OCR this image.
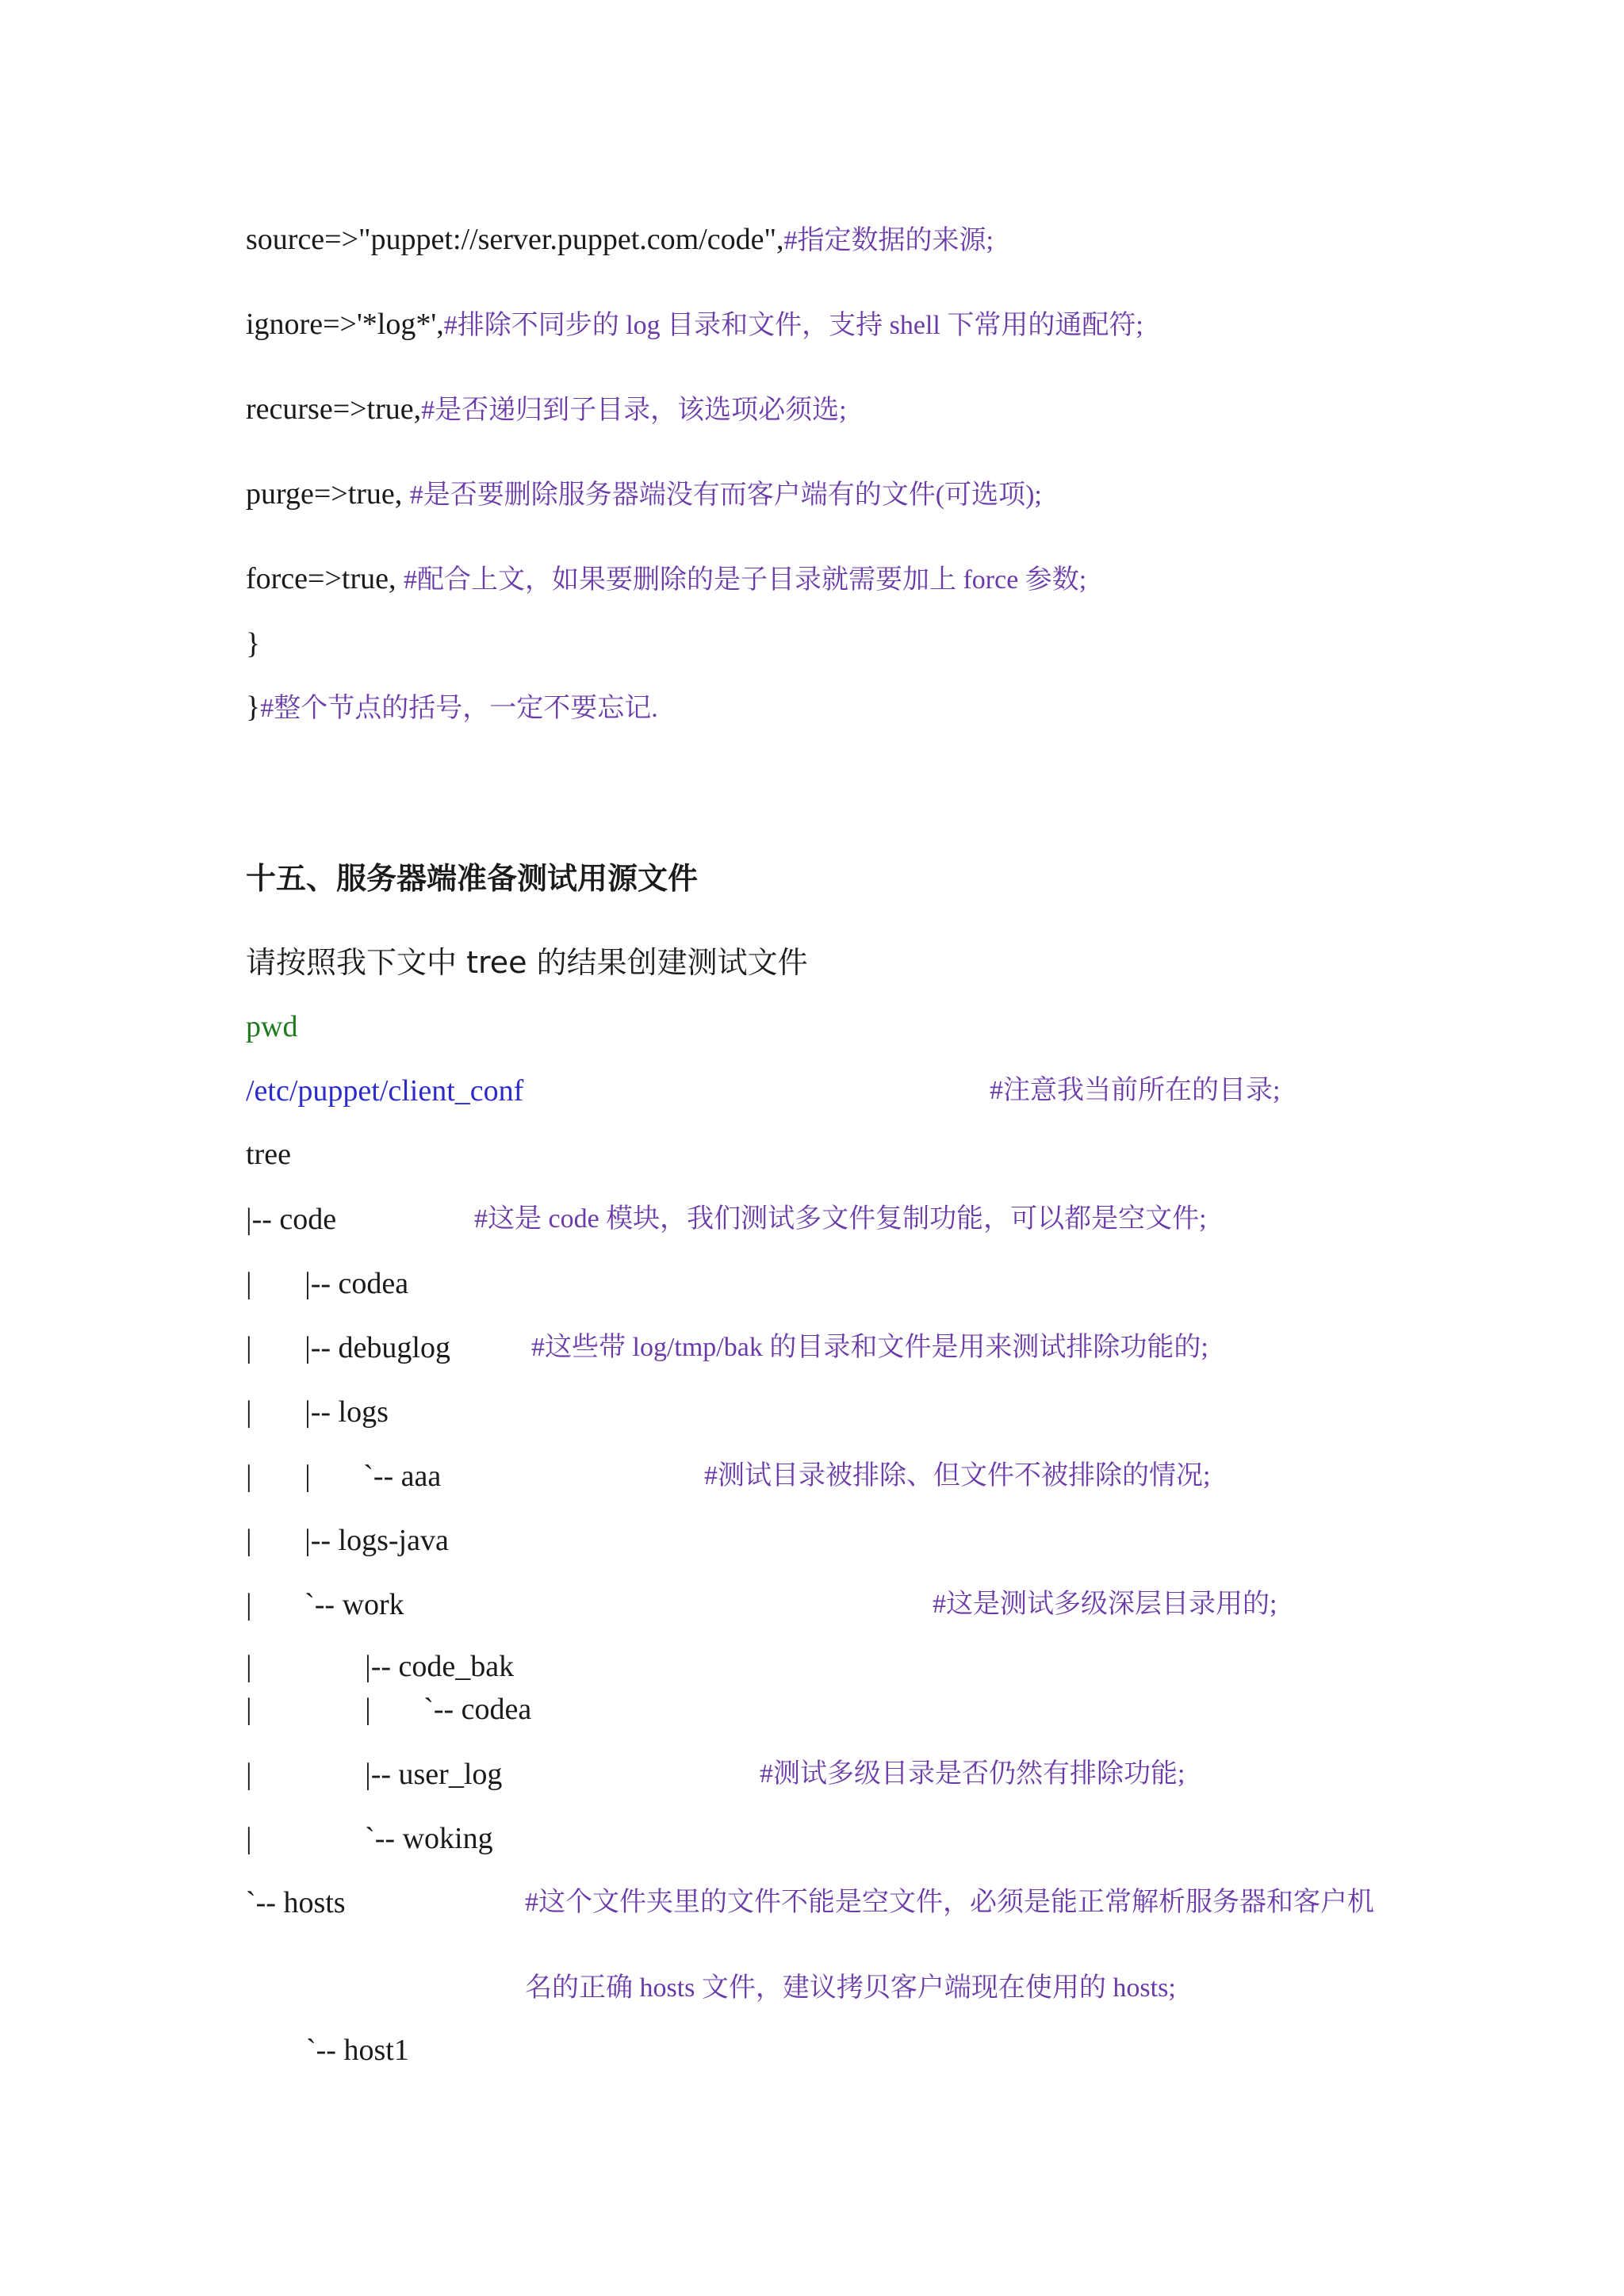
source=>"puppet://server.puppet.com/code",#指定数据的来源;
ignore=>'*log*',#排除不同步的 log 目录和文件，支持 shell 下常用的通配符;
recurse=>true,#是否递归到子目录，该选项必须选;
purge=>true, #是否要删除服务器端没有而客户端有的文件(可选项);
force=>true, #配合上文，如果要删除的是子目录就需要加上 force 参数;
}
}#整个节点的括号，一定不要忘记.
十五、服务器端准备测试用源文件
请按照我下文中 tree 的结果创建测试文件
pwd
/etc/puppet/client_conf	#注意我当前所在的目录;
tree
|-- code	#这是 code 模块，我们测试多文件复制功能，可以都是空文件;
|       |-- codea
|       |-- debuglog	#这些带 log/tmp/bak 的目录和文件是用来测试排除功能的;
|       |-- logs
|       |       `-- aaa	#测试目录被排除、但文件不被排除的情况;
|       |-- logs-java
|       `-- work	#这是测试多级深层目录用的;
|               |-- code_bak
|               |       `-- codea
|               |-- user_log	#测试多级目录是否仍然有排除功能;
|               `-- woking
`-- hosts	#这个文件夹里的文件不能是空文件，必须是能正常解析服务器和客户机
名的正确 hosts 文件，建议拷贝客户端现在使用的 hosts;
`-- host1
